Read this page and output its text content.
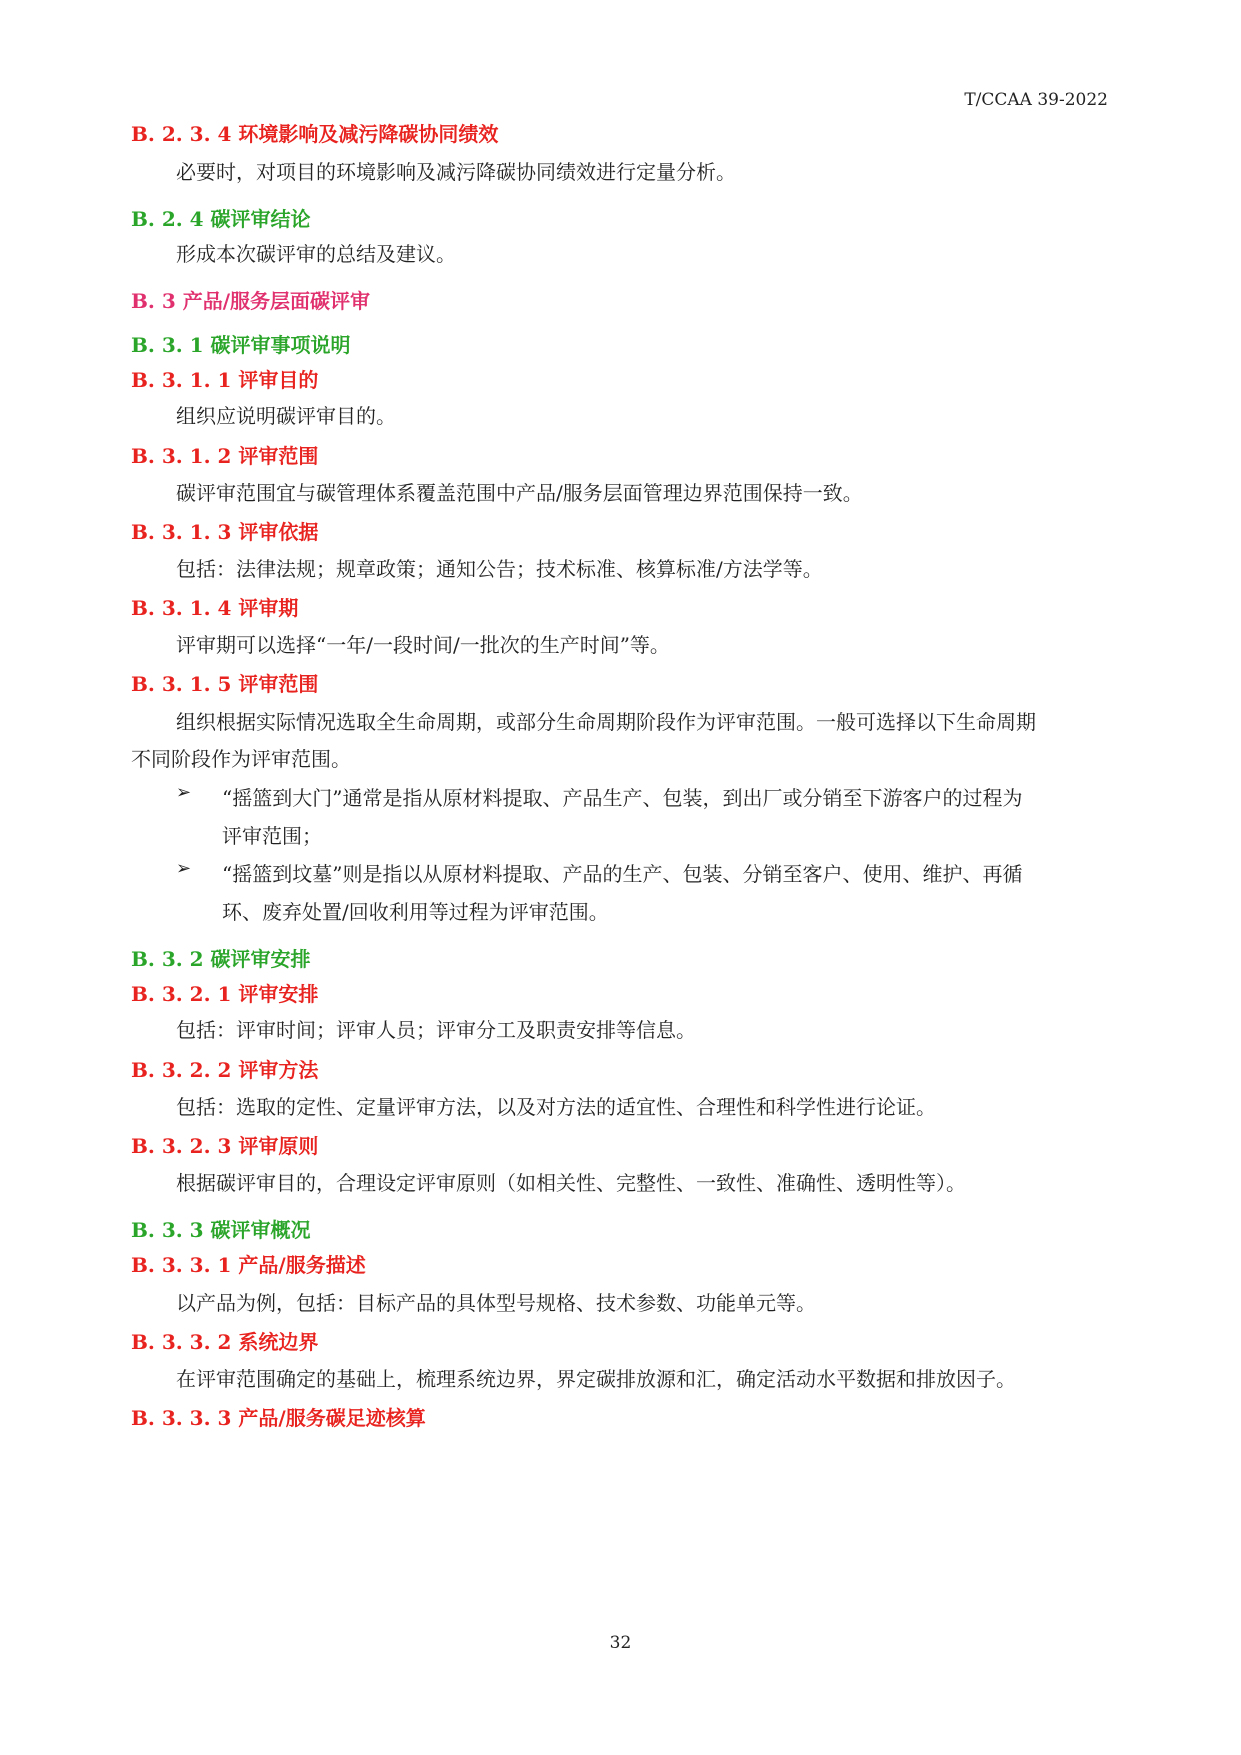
T/CCAA 39-2022
B. 2. 3. 4 环境影响及减污降碳协同绩效
必要时，对项目的环境影响及减污降碳协同绩效进行定量分析。
B. 2. 4 碳评审结论
形成本次碳评审的总结及建议。
B. 3 产品/服务层面碳评审
B. 3. 1 碳评审事项说明
B. 3. 1. 1 评审目的
组织应说明碳评审目的。
B. 3. 1. 2 评审范围
碳评审范围宜与碳管理体系覆盖范围中产品/服务层面管理边界范围保持一致。
B. 3. 1. 3 评审依据
包括：法律法规；规章政策；通知公告；技术标准、核算标准/方法学等。
B. 3. 1. 4 评审期
评审期可以选择“一年/一段时间/一批次的生产时间”等。
B. 3. 1. 5 评审范围
组织根据实际情况选取全生命周期，或部分生命周期阶段作为评审范围。一般可选择以下生命周期
不同阶段作为评审范围。
➢ “摇篮到大门”通常是指从原材料提取、产品生产、包装，到出厂或分销至下游客户的过程为
评审范围；
➢ “摇篮到坟墓”则是指以从原材料提取、产品的生产、包装、分销至客户、使用、维护、再循
环、废弃处置/回收利用等过程为评审范围。
B. 3. 2 碳评审安排
B. 3. 2. 1 评审安排
包括：评审时间；评审人员；评审分工及职责安排等信息。
B. 3. 2. 2 评审方法
包括：选取的定性、定量评审方法，以及对方法的适宜性、合理性和科学性进行论证。
B. 3. 2. 3 评审原则
根据碳评审目的，合理设定评审原则（如相关性、完整性、一致性、准确性、透明性等）。
B. 3. 3 碳评审概况
B. 3. 3. 1 产品/服务描述
以产品为例，包括：目标产品的具体型号规格、技术参数、功能单元等。
B. 3. 3. 2 系统边界
在评审范围确定的基础上，梳理系统边界，界定碳排放源和汇，确定活动水平数据和排放因子。
B. 3. 3. 3 产品/服务碳足迹核算
32
